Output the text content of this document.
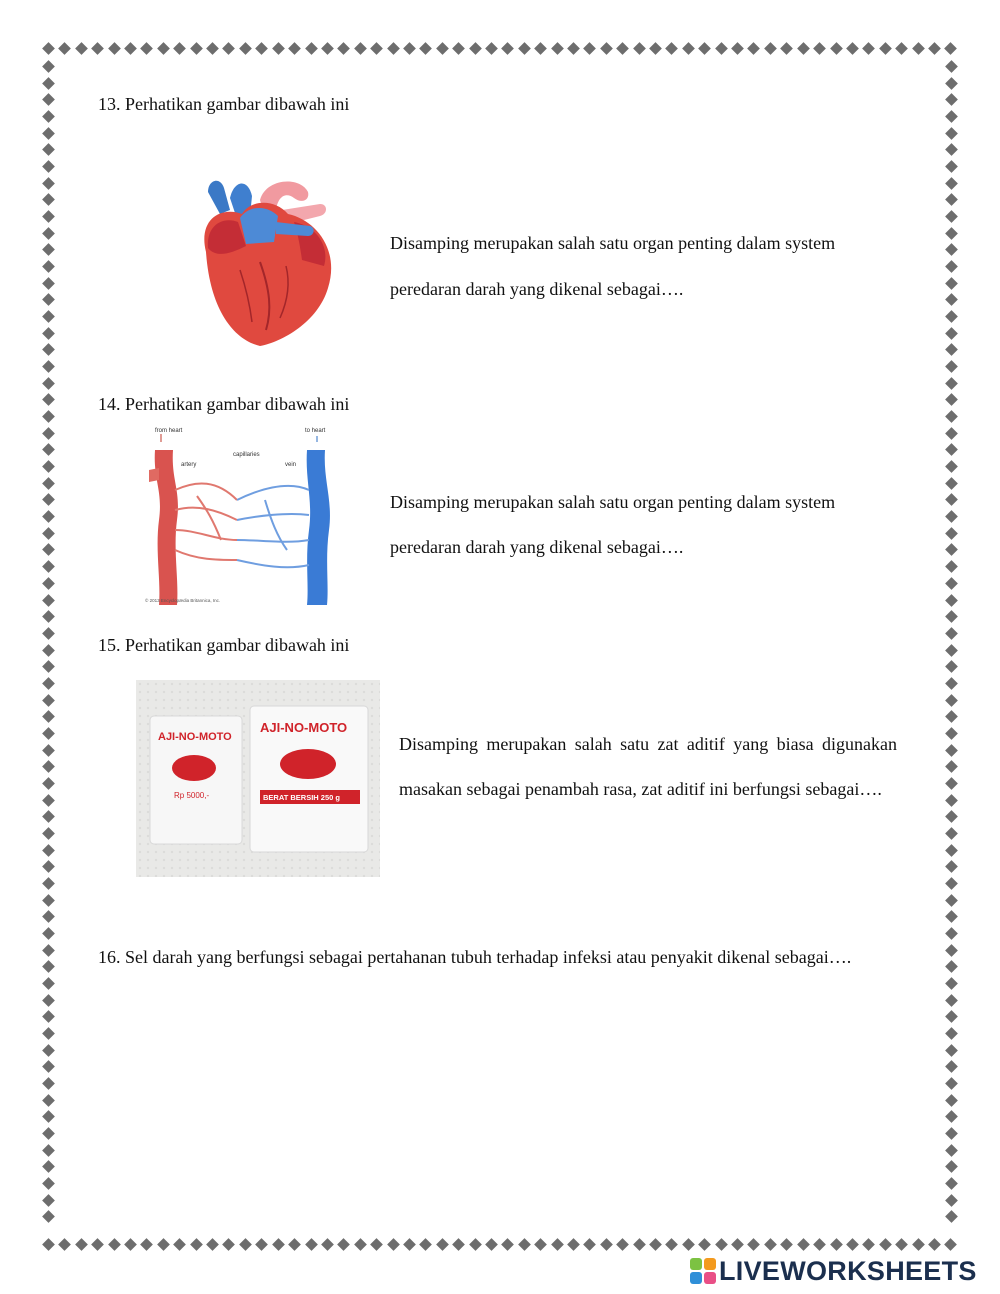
13. Perhatikan gambar dibawah ini

Disamping merupakan salah satu organ penting dalam system

peredaran darah yang dikenal sebagai….

14. Perhatikan gambar dibawah ini
from heart	to heart
artery
capillaries
vein
© 2013 Encyclopædia Britannica, Inc.

Disamping merupakan salah satu organ penting dalam system

peredaran darah yang dikenal sebagai….

15. Perhatikan gambar dibawah ini
AJI-NO-MOTO
Rp 5000,-
AJI-NO-MOTO
BERAT BERSIH 250 g
Disamping merupakan salah satu zat aditif yang biasa digunakan masakan sebagai penambah rasa, zat aditif ini berfungsi sebagai….
16. Sel darah yang berfungsi sebagai pertahanan tubuh terhadap infeksi atau penyakit dikenal sebagai….
LIVEWORKSHEETS
